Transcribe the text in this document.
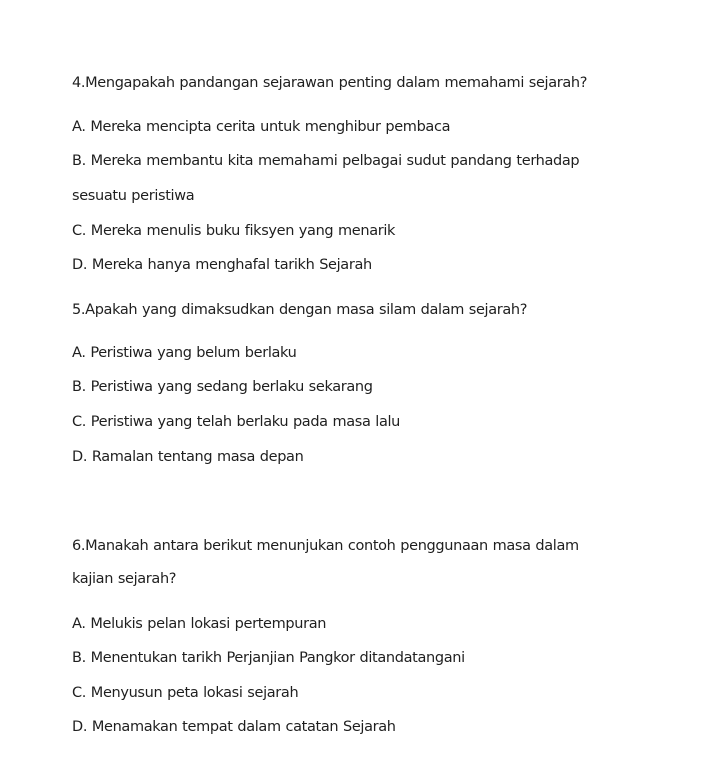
4.Mengapakah pandangan sejarawan penting dalam memahami sejarah?
A. Mereka mencipta cerita untuk menghibur pembaca
B. Mereka membantu kita memahami pelbagai sudut pandang terhadap
sesuatu peristiwa
C. Mereka menulis buku fiksyen yang menarik
D. Mereka hanya menghafal tarikh Sejarah
5.Apakah yang dimaksudkan dengan masa silam dalam sejarah?
A. Peristiwa yang belum berlaku
B. Peristiwa yang sedang berlaku sekarang
C. Peristiwa yang telah berlaku pada masa lalu
D. Ramalan tentang masa depan
6.Manakah antara berikut menunjukan contoh penggunaan masa dalam
kajian sejarah?
A. Melukis pelan lokasi pertempuran
B. Menentukan tarikh Perjanjian Pangkor ditandatangani
C. Menyusun peta lokasi sejarah
D. Menamakan tempat dalam catatan Sejarah
